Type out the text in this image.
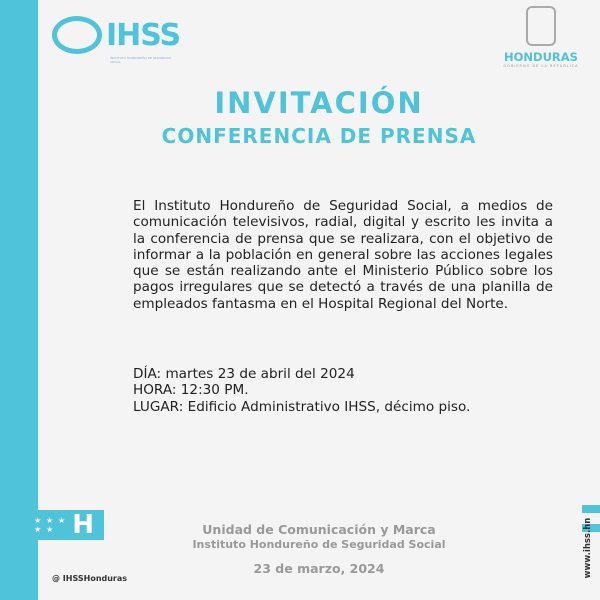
★ ★ ★
★ ★ H
IHSS
INSTITUTO HONDUREÑO DE SEGURIDAD SOCIAL	HONDURAS
GOBIERNO DE LA REPÚBLICA
INVITACIÓN
CONFERENCIA DE PRENSA
El Instituto Hondureño de Seguridad Social, a medios de comunicación televisivos, radial, digital y escrito les invita a la conferencia de prensa que se realizara, con el objetivo de informar a la población en general sobre las acciones legales que se están realizando ante el Ministerio Público sobre los pagos irregulares que se detectó a través de una planilla de empleados fantasma en el Hospital Regional del Norte.
DÍA: martes 23 de abril del 2024
HORA: 12:30 PM.
LUGAR: Edificio Administrativo IHSS, décimo piso.
Unidad de Comunicación y Marca
Instituto Hondureño de Seguridad Social
23 de marzo, 2024
@ IHSSHonduras
www.ihss.hn
